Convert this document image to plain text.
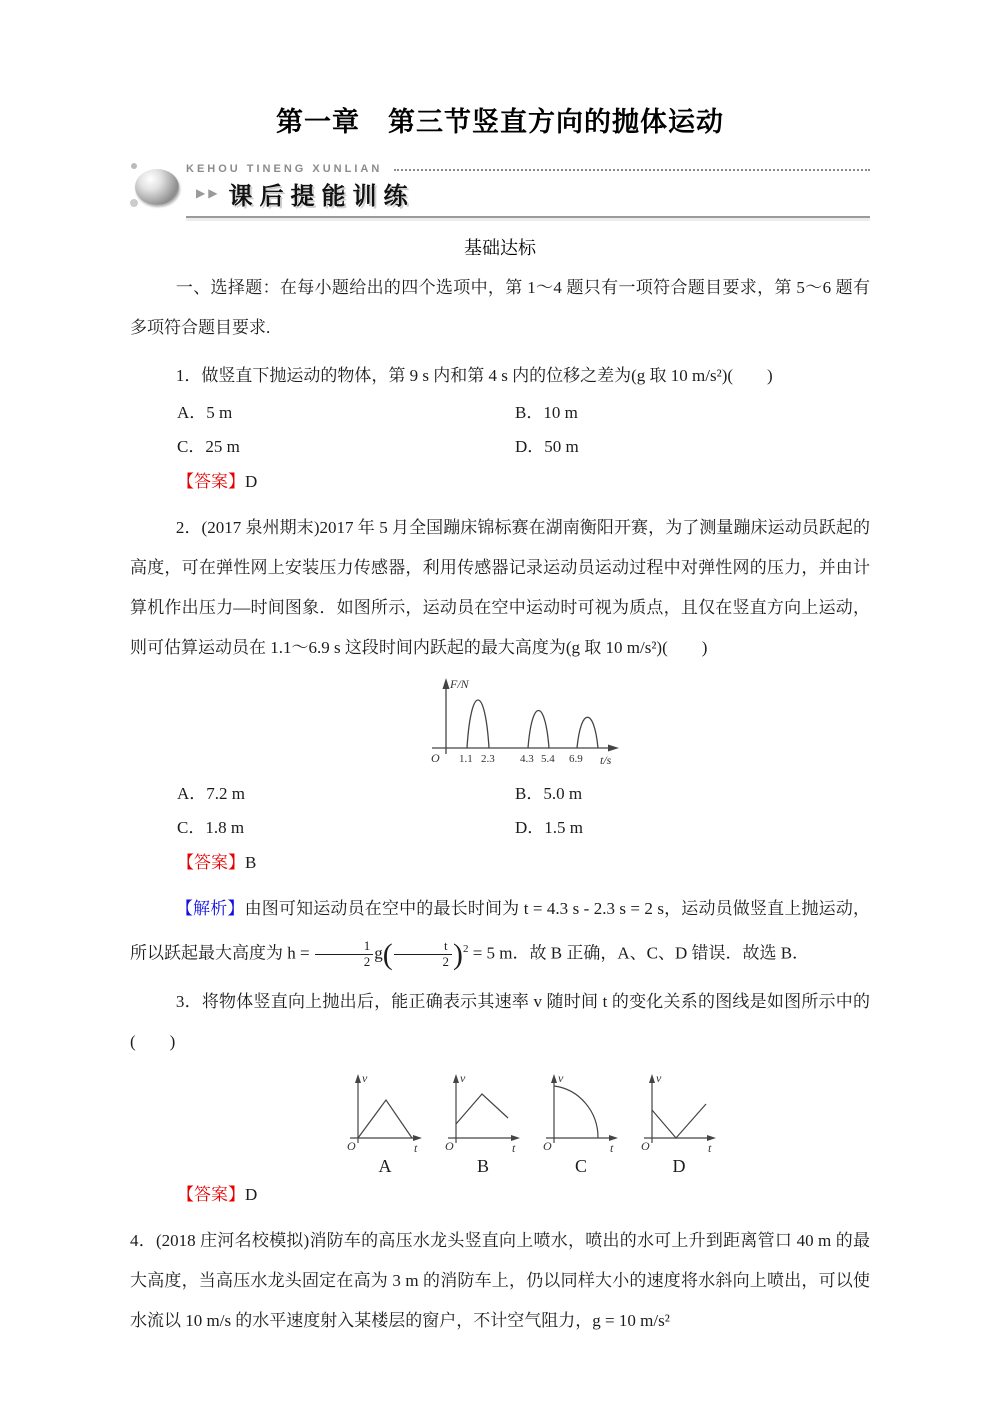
第一章　第三节竖直方向的抛体运动
KEHOU TINENG XUNLIAN
▶▶ 课后提能训练

基础达标

一、选择题：在每小题给出的四个选项中，第 1～4 题只有一项符合题目要求，第 5～6 题有多项符合题目要求.

1．做竖直下抛运动的物体，第 9 s 内和第 4 s 内的位移之差为(g 取 10 m/s²)(　　)

A．5 m	B．10 m
C．25 m	D．50 m

【答案】D

2．(2017 泉州期末)2017 年 5 月全国蹦床锦标赛在湖南衡阳开赛，为了测量蹦床运动员跃起的高度，可在弹性网上安装压力传感器，利用传感器记录运动员运动过程中对弹性网的压力，并由计算机作出压力—时间图象．如图所示，运动员在空中运动时可视为质点，且仅在竖直方向上运动，则可估算运动员在 1.1～6.9 s 这段时间内跃起的最大高度为(g 取 10 m/s²)(　　)

O 1.1 2.3 4.3 5.4 6.9 t/s
F/N
A．7.2 m	B．5.0 m
C．1.8 m	D．1.5 m

【答案】B

【解析】由图可知运动员在空中的最长时间为 t = 4.3 s - 2.3 s = 2 s，运动员做竖直上抛运动，所以跃起最大高度为 $h = \frac{1}{2} g( \frac{t}{2} )^2 = 5$ m．故 B 正确，A、C、D 错误．故选 B．

3．将物体竖直向上抛出后，能正确表示其速率 v 随时间 t 的变化关系的图线是如图所示中的(　　)

O
v
t O
v
t O
v
t O
v
t
A	B	C	D

【答案】D

4．(2018 庄河名校模拟)消防车的高压水龙头竖直向上喷水，喷出的水可上升到距离管口 40 m 的最大高度，当高压水龙头固定在高为 3 m 的消防车上，仍以同样大小的速度将水斜向上喷出，可以使水流以 10 m/s 的水平速度射入某楼层的窗户，不计空气阻力，g = 10 m/s²
